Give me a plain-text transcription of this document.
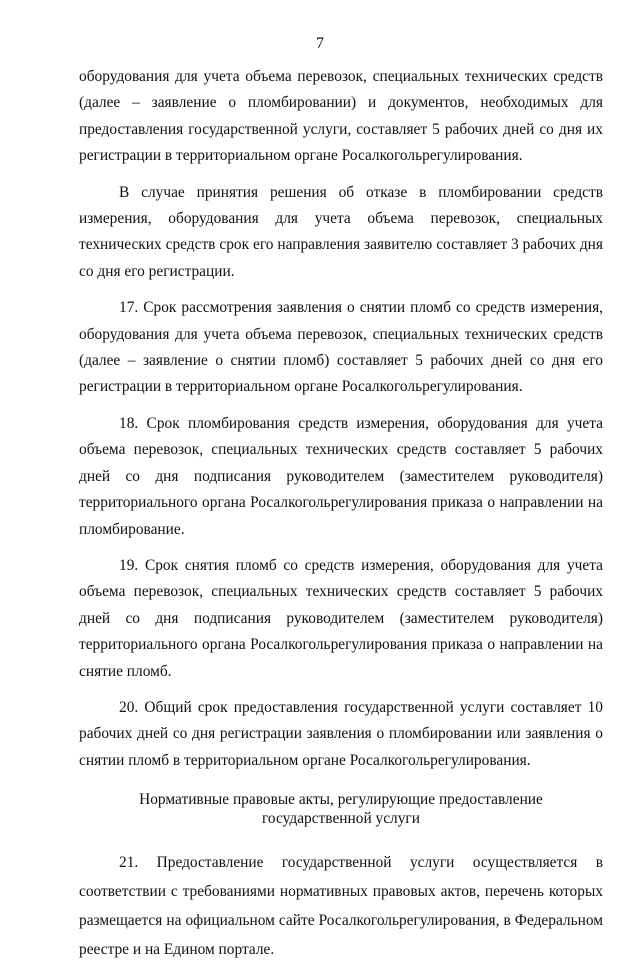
7

оборудования для учета объема перевозок, специальных технических средств (далее – заявление о пломбировании) и документов, необходимых для предоставления государственной услуги, составляет 5 рабочих дней со дня их регистрации в территориальном органе Росалкогольрегулирования.

В случае принятия решения об отказе в пломбировании средств измерения, оборудования для учета объема перевозок, специальных технических средств срок его направления заявителю составляет 3 рабочих дня со дня его регистрации.

17. Срок рассмотрения заявления о снятии пломб со средств измерения, оборудования для учета объема перевозок, специальных технических средств (далее – заявление о снятии пломб) составляет 5 рабочих дней со дня его регистрации в территориальном органе Росалкогольрегулирования.

18. Срок пломбирования средств измерения, оборудования для учета объема перевозок, специальных технических средств составляет 5 рабочих дней со дня подписания руководителем (заместителем руководителя) территориального органа Росалкогольрегулирования приказа о направлении на пломбирование.

19. Срок снятия пломб со средств измерения, оборудования для учета объема перевозок, специальных технических средств составляет 5 рабочих дней со дня подписания руководителем (заместителем руководителя) территориального органа Росалкогольрегулирования приказа о направлении на снятие пломб.

20. Общий срок предоставления государственной услуги составляет 10 рабочих дней со дня регистрации заявления о пломбировании или заявления о снятии пломб в территориальном органе Росалкогольрегулирования.

Нормативные правовые акты, регулирующие предоставление
государственной услуги

21. Предоставление государственной услуги осуществляется в соответствии с требованиями нормативных правовых актов, перечень которых размещается на официальном сайте Росалкогольрегулирования, в Федеральном реестре и на Едином портале.
